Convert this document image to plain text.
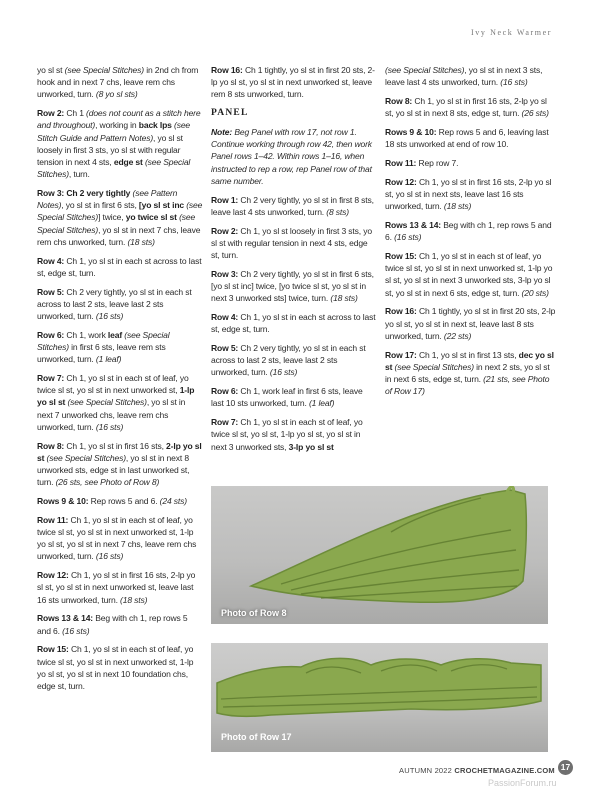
Ivy Neck Warmer

yo sl st (see Special Stitches) in 2nd ch from hook and in next 7 chs, leave rem chs unworked, turn. (8 yo sl sts)

Row 2: Ch 1 (does not count as a stitch here and throughout), working in back lps (see Stitch Guide and Pattern Notes), yo sl st loosely in first 3 sts, yo sl st with regular tension in next 4 sts, edge st (see Special Stitches), turn.

Row 3: Ch 2 very tightly (see Pattern Notes), yo sl st in first 6 sts, [yo sl st inc (see Special Stitches)] twice, yo twice sl st (see Special Stitches), yo sl st in next 7 chs, leave rem chs unworked, turn. (18 sts)

Row 4: Ch 1, yo sl st in each st across to last st, edge st, turn.

Row 5: Ch 2 very tightly, yo sl st in each st across to last 2 sts, leave last 2 sts unworked, turn. (16 sts)

Row 6: Ch 1, work leaf (see Special Stitches) in first 6 sts, leave rem sts unworked, turn. (1 leaf)

Row 7: Ch 1, yo sl st in each st of leaf, yo twice sl st, yo sl st in next unworked st, 1-lp yo sl st (see Special Stitches), yo sl st in next 7 unworked chs, leave rem chs unworked, turn. (16 sts)

Row 8: Ch 1, yo sl st in first 16 sts, 2-lp yo sl st (see Special Stitches), yo sl st in next 8 unworked sts, edge st in last unworked st, turn. (26 sts, see Photo of Row 8)

Rows 9 & 10: Rep rows 5 and 6. (24 sts)

Row 11: Ch 1, yo sl st in each st of leaf, yo twice sl st, yo sl st in next unworked st, 1-lp yo sl st, yo sl st in next 7 chs, leave rem chs unworked, turn. (16 sts)

Row 12: Ch 1, yo sl st in first 16 sts, 2-lp yo sl st, yo sl st in next unworked st, leave last 16 sts unworked, turn. (18 sts)

Rows 13 & 14: Beg with ch 1, rep rows 5 and 6. (16 sts)

Row 15: Ch 1, yo sl st in each st of leaf, yo twice sl st, yo sl st in next unworked st, 1-lp yo sl st, yo sl st in next 10 foundation chs, edge st, turn.

Row 16: Ch 1 tightly, yo sl st in first 20 sts, 2-lp yo sl st, yo sl st in next unworked st, leave rem 8 sts unworked, turn.

PANEL

Note: Beg Panel with row 17, not row 1. Continue working through row 42, then work Panel rows 1–42. Within rows 1–16, when instructed to rep a row, rep Panel row of that same number.

Row 1: Ch 2 very tightly, yo sl st in first 8 sts, leave last 4 sts unworked, turn. (8 sts)

Row 2: Ch 1, yo sl st loosely in first 3 sts, yo sl st with regular tension in next 4 sts, edge st, turn.

Row 3: Ch 2 very tightly, yo sl st in first 6 sts, [yo sl st inc] twice, [yo twice sl st, yo sl st in next 3 unworked sts] twice, turn. (18 sts)

Row 4: Ch 1, yo sl st in each st across to last st, edge st, turn.

Row 5: Ch 2 very tightly, yo sl st in each st across to last 2 sts, leave last 2 sts unworked, turn. (16 sts)

Row 6: Ch 1, work leaf in first 6 sts, leave last 10 sts unworked, turn. (1 leaf)

Row 7: Ch 1, yo sl st in each st of leaf, yo twice sl st, yo sl st, 1-lp yo sl st, yo sl st in next 3 unworked sts, 3-lp yo sl st

(see Special Stitches), yo sl st in next 3 sts, leave last 4 sts unworked, turn. (16 sts)

Row 8: Ch 1, yo sl st in first 16 sts, 2-lp yo sl st, yo sl st in next 8 sts, edge st, turn. (26 sts)

Rows 9 & 10: Rep rows 5 and 6, leaving last 18 sts unworked at end of row 10.

Row 11: Rep row 7.

Row 12: Ch 1, yo sl st in first 16 sts, 2-lp yo sl st, yo sl st in next sts, leave last 16 sts unworked, turn. (18 sts)

Rows 13 & 14: Beg with ch 1, rep rows 5 and 6. (16 sts)

Row 15: Ch 1, yo sl st in each st of leaf, yo twice sl st, yo sl st in next unworked st, 1-lp yo sl st, yo sl st in next 3 unworked sts, 3-lp yo sl st, yo sl st in next 6 sts, edge st, turn. (20 sts)

Row 16: Ch 1 tightly, yo sl st in first 20 sts, 2-lp yo sl st, yo sl st in next st, leave last 8 sts unworked, turn. (22 sts)

Row 17: Ch 1, yo sl st in first 13 sts, dec yo sl st (see Special Stitches) in next 2 sts, yo sl st in next 6 sts, edge st, turn. (21 sts, see Photo of Row 17)

Photo of Row 8
Photo of Row 17
AUTUMN 2022 CROCHETMAGAZINE.COM 17
PassionForum.ru
